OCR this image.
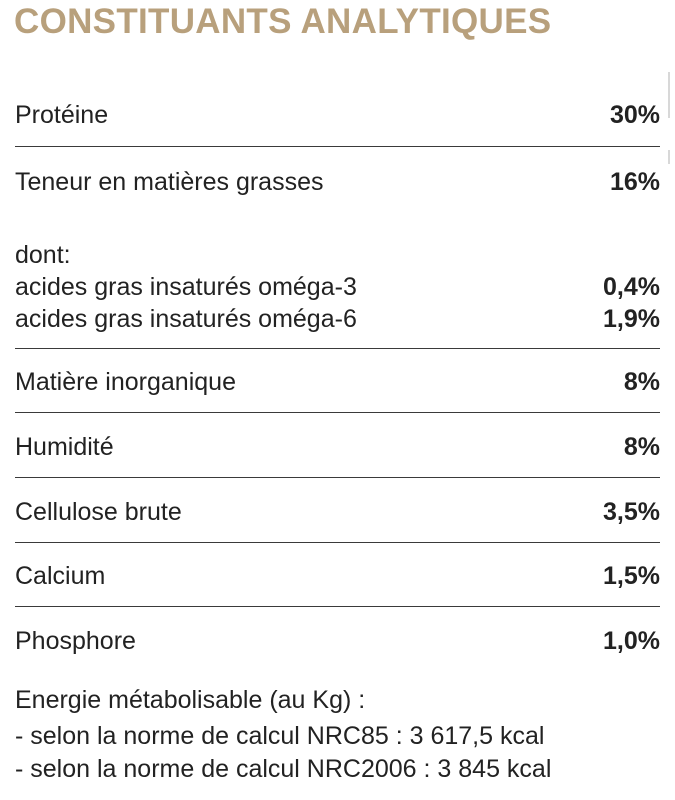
CONSTITUANTS ANALYTIQUES
Protéine	30%
Teneur en matières grasses	16%
dont:
acides gras insaturés oméga-3	0,4%
acides gras insaturés oméga-6	1,9%
Matière inorganique	8%
Humidité	8%
Cellulose brute	3,5%
Calcium	1,5%
Phosphore	1,0%
Energie métabolisable (au Kg) :
- selon la norme de calcul NRC85 : 3 617,5 kcal
- selon la norme de calcul NRC2006 : 3 845 kcal
